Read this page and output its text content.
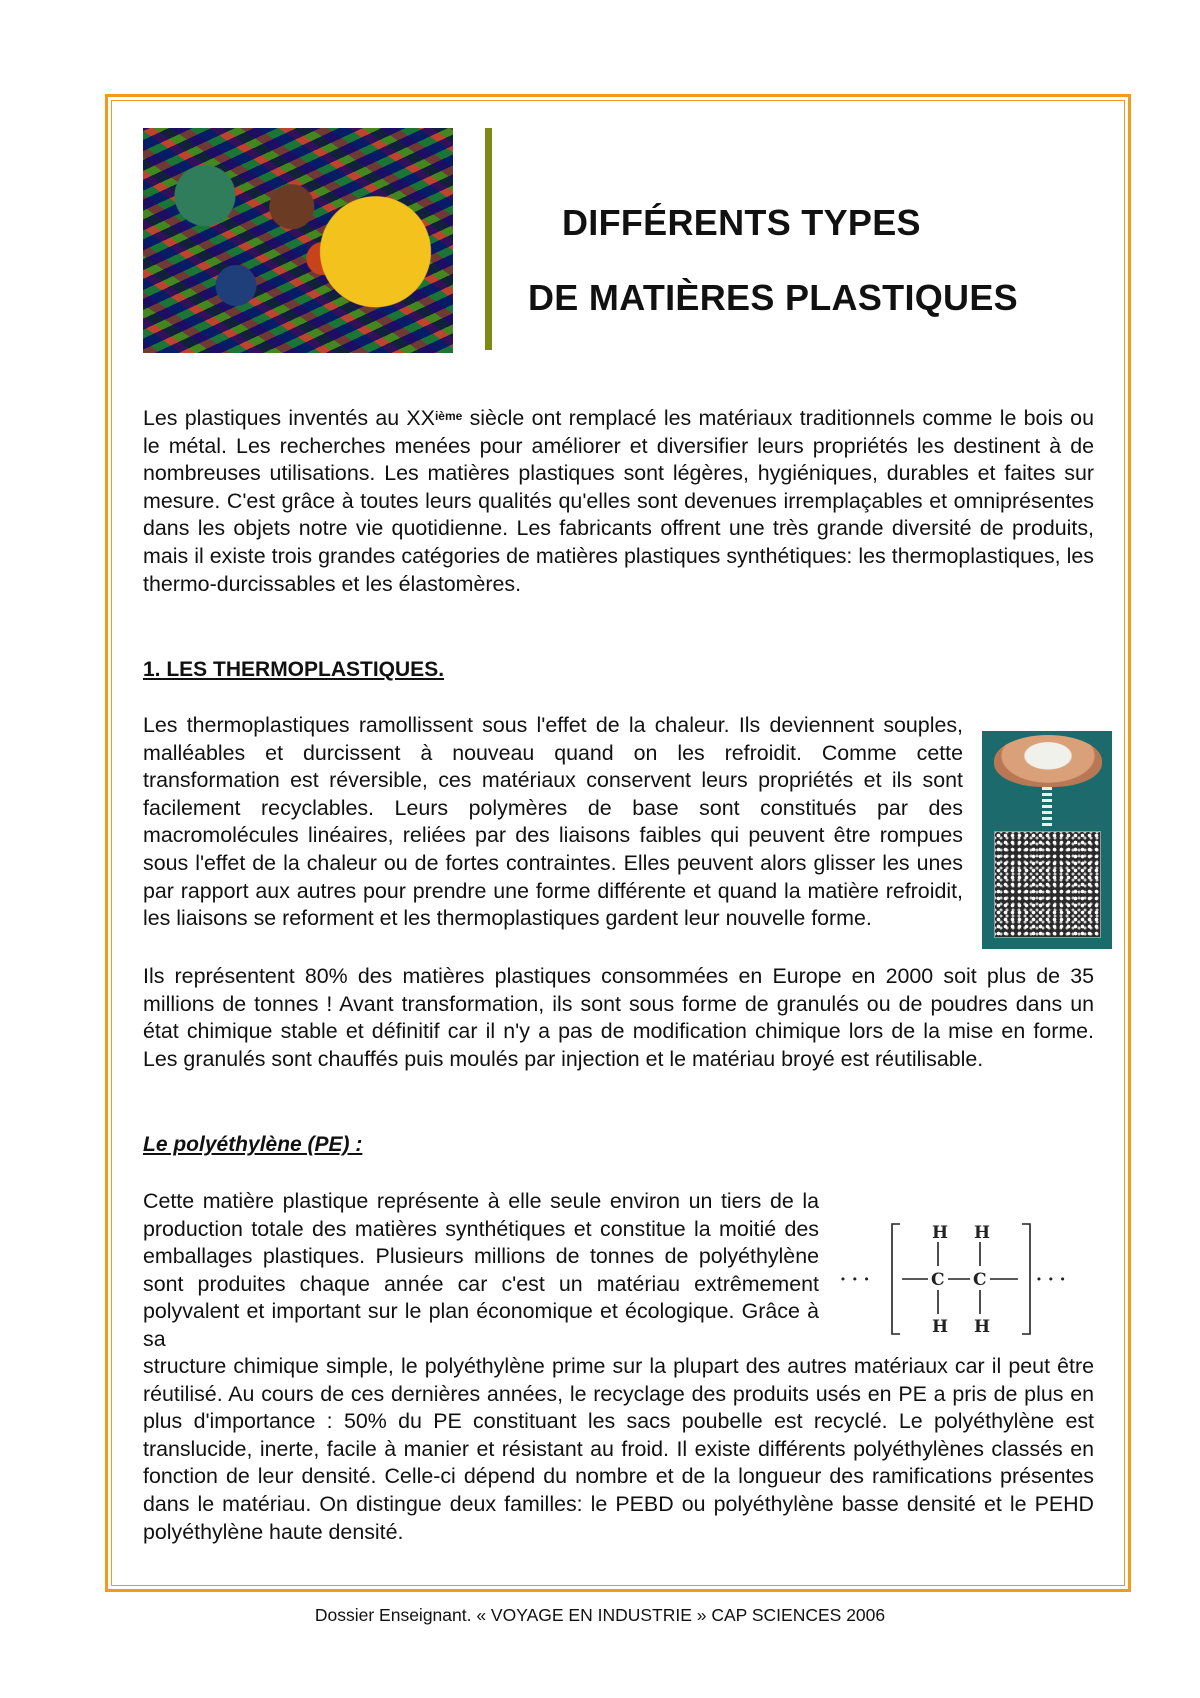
DIFFÉRENTS TYPES
DE MATIÈRES PLASTIQUES

Les plastiques inventés au XXième siècle ont remplacé les matériaux traditionnels comme le bois ou le métal. Les recherches menées pour améliorer et diversifier leurs propriétés les destinent à de nombreuses utilisations. Les matières plastiques sont légères, hygiéniques, durables et faites sur mesure. C'est grâce à toutes leurs qualités qu'elles sont devenues irremplaçables et omniprésentes dans les objets notre vie quotidienne. Les fabricants offrent une très grande diversité de produits, mais il existe trois grandes catégories de matières plastiques synthétiques: les thermoplastiques, les thermo-durcissables et les élastomères.

1. LES THERMOPLASTIQUES.

Les thermoplastiques ramollissent sous l'effet de la chaleur. Ils deviennent souples, malléables et durcissent à nouveau quand on les refroidit. Comme cette transformation est réversible, ces matériaux conservent leurs propriétés et ils sont facilement recyclables. Leurs polymères de base sont constitués par des macromolécules linéaires, reliées par des liaisons faibles qui peuvent être rompues sous l'effet de la chaleur ou de fortes contraintes. Elles peuvent alors glisser les unes par rapport aux autres pour prendre une forme différente et quand la matière refroidit, les liaisons se reforment et les thermoplastiques gardent leur nouvelle forme.

Ils représentent 80% des matières plastiques consommées en Europe en 2000 soit plus de 35 millions de tonnes ! Avant transformation, ils sont sous forme de granulés ou de poudres dans un état chimique stable et définitif car il n'y a pas de modification chimique lors de la mise en forme. Les granulés sont chauffés puis moulés par injection et le matériau broyé est réutilisable.

Le polyéthylène (PE) :

Cette matière plastique représente à elle seule environ un tiers de la production totale des matières synthétiques et constitue la moitié des emballages plastiques. Plusieurs millions de tonnes de polyéthylène sont produites chaque année car c'est un matériau extrêmement polyvalent et important sur le plan économique et écologique. Grâce à sa

· · ·	· · ·
H H
C C
H H

structure chimique simple, le polyéthylène prime sur la plupart des autres matériaux car il peut être réutilisé. Au cours de ces dernières années, le recyclage des produits usés en PE a pris de plus en plus d'importance : 50% du PE constituant les sacs poubelle est recyclé. Le polyéthylène est translucide, inerte, facile à manier et résistant au froid. Il existe différents polyéthylènes classés en fonction de leur densité. Celle-ci dépend du nombre et de la longueur des ramifications présentes dans le matériau. On distingue deux familles: le PEBD ou polyéthylène basse densité et le PEHD polyéthylène haute densité.

Dossier Enseignant. « VOYAGE EN INDUSTRIE » CAP SCIENCES 2006
